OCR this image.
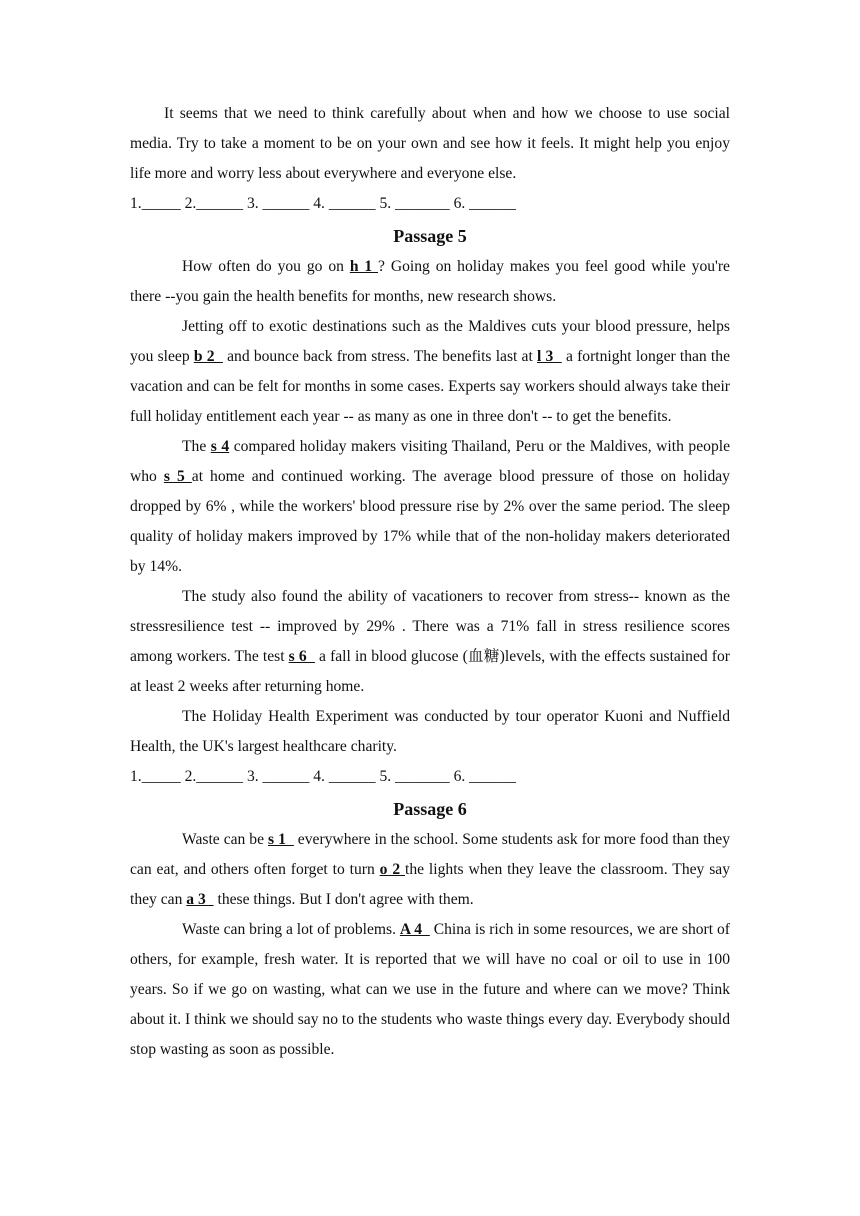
It seems that we need to think carefully about when and how we choose to use social media. Try to take a moment to be on your own and see how it feels. It might help you enjoy life more and worry less about everywhere and everyone else.

1._____ 2.______ 3. ______ 4. ______ 5. _______ 6. ______

Passage 5

How often do you go on h 1 ? Going on holiday makes you feel good while you're there --you gain the health benefits for months, new research shows.

Jetting off to exotic destinations such as the Maldives cuts your blood pressure, helps you sleep b 2   and bounce back from stress. The benefits last at l 3   a fortnight longer than the vacation and can be felt for months in some cases. Experts say workers should always take their full holiday entitlement each year -- as many as one in three don't -- to get the benefits.

The s 4 compared holiday makers visiting Thailand, Peru or the Maldives, with people who s 5 at home and continued working. The average blood pressure of those on holiday dropped by 6% , while the workers' blood pressure rise by 2% over the same period. The sleep quality of holiday makers improved by 17% while that of the non-holiday makers deteriorated by 14%.

The study also found the ability of vacationers to recover from stress-- known as the stressresilience test -- improved by 29% . There was a 71% fall in stress resilience scores among workers. The test s 6   a fall in blood glucose (血糖)levels, with the effects sustained for at least 2 weeks after returning home.

The Holiday Health Experiment was conducted by tour operator Kuoni and Nuffield Health, the UK's largest healthcare charity.

1._____ 2.______ 3. ______ 4. ______ 5. _______ 6. ______

Passage 6

Waste can be s 1   everywhere in the school. Some students ask for more food than they can eat, and others often forget to turn o 2 the lights when they leave the classroom. They say they can a 3   these things. But I don't agree with them.

Waste can bring a lot of problems. A 4   China is rich in some resources, we are short of others, for example, fresh water. It is reported that we will have no coal or oil to use in 100 years. So if we go on wasting, what can we use in the future and where can we move? Think about it. I think we should say no to the students who waste things every day. Everybody should stop wasting as soon as possible.
